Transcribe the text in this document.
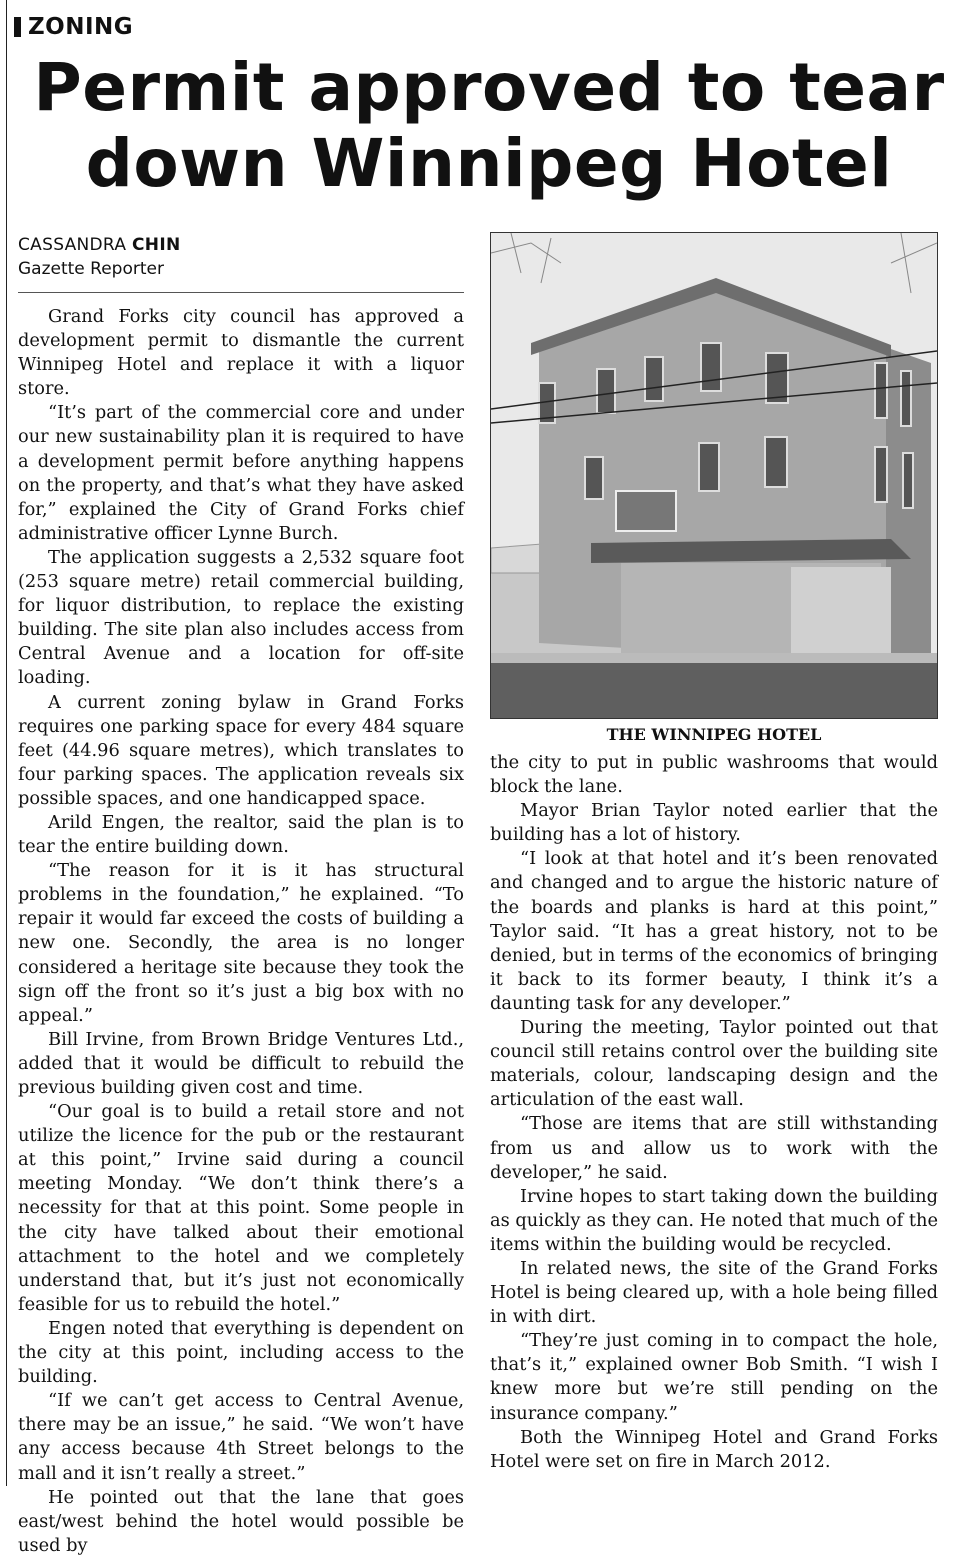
ZONING
Permit approved to tear
down Winnipeg Hotel
CASSANDRA CHIN
Gazette Reporter

Grand Forks city council has approved a development permit to dismantle the current Winnipeg Hotel and replace it with a liquor store.

“It’s part of the commercial core and under our new sustainability plan it is required to have a development permit before anything happens on the property, and that’s what they have asked for,” explained the City of Grand Forks chief administrative officer Lynne Burch.

The application suggests a 2,532 square foot (253 square metre) retail commercial building, for liquor distribution, to replace the existing building. The site plan also includes access from Central Avenue and a location for off-site loading.

A current zoning bylaw in Grand Forks requires one parking space for every 484 square feet (44.96 square metres), which translates to four parking spaces. The application reveals six possible spaces, and one handicapped space.

Arild Engen, the realtor, said the plan is to tear the entire building down.

“The reason for it is it has structural problems in the foundation,” he explained. “To repair it would far exceed the costs of building a new one. Secondly, the area is no longer considered a heritage site because they took the sign off the front so it’s just a big box with no appeal.”

Bill Irvine, from Brown Bridge Ventures Ltd., added that it would be difficult to rebuild the previous building given cost and time.

“Our goal is to build a retail store and not utilize the licence for the pub or the restaurant at this point,” Irvine said during a council meeting Monday. “We don’t think there’s a necessity for that at this point. Some people in the city have talked about their emotional attachment to the hotel and we completely understand that, but it’s just not economically feasible for us to rebuild the hotel.”

Engen noted that everything is dependent on the city at this point, including access to the building.

“If we can’t get access to Central Avenue, there may be an issue,” he said. “We won’t have any access because 4th Street belongs to the mall and it isn’t really a street.”

He pointed out that the lane that goes east/west behind the hotel would possible be used by

THE WINNIPEG HOTEL

the city to put in public washrooms that would block the lane.

Mayor Brian Taylor noted earlier that the building has a lot of history.

“I look at that hotel and it’s been renovated and changed and to argue the historic nature of the boards and planks is hard at this point,” Taylor said. “It has a great history, not to be denied, but in terms of the economics of bringing it back to its former beauty, I think it’s a daunting task for any developer.”

During the meeting, Taylor pointed out that council still retains control over the building site materials, colour, landscaping design and the articulation of the east wall.

“Those are items that are still withstanding from us and allow us to work with the developer,” he said.

Irvine hopes to start taking down the building as quickly as they can. He noted that much of the items within the building would be recycled.

In related news, the site of the Grand Forks Hotel is being cleared up, with a hole being filled in with dirt.

“They’re just coming in to compact the hole, that’s it,” explained owner Bob Smith. “I wish I knew more but we’re still pending on the insurance company.”

Both the Winnipeg Hotel and Grand Forks Hotel were set on fire in March 2012.
